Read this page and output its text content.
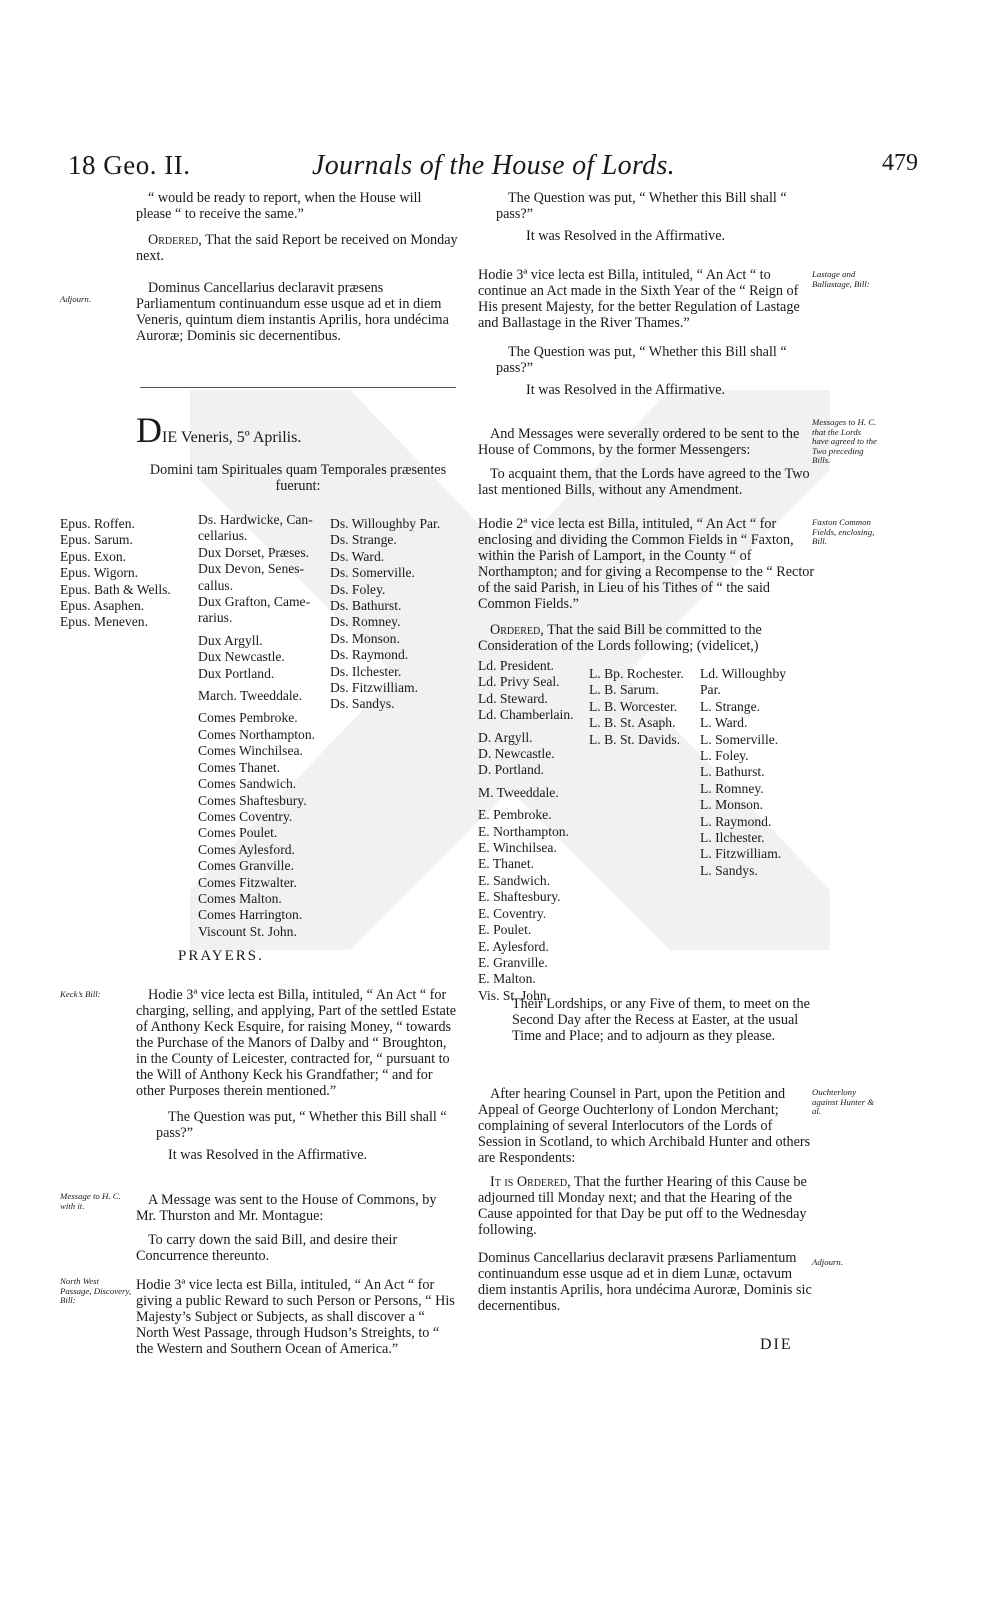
18 Geo. II.	Journals of the House of Lords.	479

“ would be ready to report, when the House will please “ to receive the same.”

Ordered, That the said Report be received on Monday next.

Dominus Cancellarius declaravit præsens Parliamentum continuandum esse usque ad et in diem Veneris, quintum diem instantis Aprilis, hora undécima Auroræ; Dominis sic decernentibus.

DIE Veneris, 5º Aprilis.
Domini tam Spirituales quam Temporales præsentes fuerunt:
Epus. Roffen.
Epus. Sarum.
Epus. Exon.
Epus. Wigorn.
Epus. Bath & Wells.
Epus. Asaphen.
Epus. Meneven.
Ds. Hardwicke, Can-
cellarius.
Dux Dorset, Præses.
Dux Devon, Senes-
callus.
Dux Grafton, Came-
rarius.
Dux Argyll.
Dux Newcastle.
Dux Portland.
March. Tweeddale.
Comes Pembroke.
Comes Northampton.
Comes Winchilsea.
Comes Thanet.
Comes Sandwich.
Comes Shaftesbury.
Comes Coventry.
Comes Poulet.
Comes Aylesford.
Comes Granville.
Comes Fitzwalter.
Comes Malton.
Comes Harrington.
Viscount St. John.
Ds. Willoughby Par.
Ds. Strange.
Ds. Ward.
Ds. Somerville.
Ds. Foley.
Ds. Bathurst.
Ds. Romney.
Ds. Monson.
Ds. Raymond.
Ds. Ilchester.
Ds. Fitzwilliam.
Ds. Sandys.
PRAYERS.
Keck’s Bill:	Hodie 3ª vice lecta est Billa, intituled, “ An Act “ for charging, selling, and applying, Part of the settled Estate of Anthony Keck Esquire, for raising Money, “ towards the Purchase of the Manors of Dalby and “ Broughton, in the County of Leicester, contracted for, “ pursuant to the Will of Anthony Keck his Grandfather; “ and for other Purposes therein mentioned.”

The Question was put, “ Whether this Bill shall “ pass?”

It was Resolved in the Affirmative.

Message to H. C. with it.	A Message was sent to the House of Commons, by Mr. Thurston and Mr. Montague:

To carry down the said Bill, and desire their Concurrence thereunto.

North West Passage, Discovery, Bill:
Hodie 3ª vice lecta est Billa, intituled, “ An Act “ for giving a public Reward to such Person or Persons, “ His Majesty’s Subject or Subjects, as shall discover a “ North West Passage, through Hudson’s Streights, to “ the Western and Southern Ocean of America.”
Adjourn.

The Question was put, “ Whether this Bill shall “ pass?”

It was Resolved in the Affirmative.

Lastage and Ballastage, Bill:
Hodie 3ª vice lecta est Billa, intituled, “ An Act “ to continue an Act made in the Sixth Year of the “ Reign of His present Majesty, for the better Regulation of Lastage and Ballastage in the River Thames.”

The Question was put, “ Whether this Bill shall “ pass?”

It was Resolved in the Affirmative.

Messages to H. C. that the Lords have agreed to the Two preceding Bills.

And Messages were severally ordered to be sent to the House of Commons, by the former Messengers:

To acquaint them, that the Lords have agreed to the Two last mentioned Bills, without any Amendment.

Faxton Common Fields, enclosing, Bill.
Hodie 2ª vice lecta est Billa, intituled, “ An Act “ for enclosing and dividing the Common Fields in “ Faxton, within the Parish of Lamport, in the County “ of Northampton; and for giving a Recompense to the “ Rector of the said Parish, in Lieu of his Tithes of “ the said Common Fields.”

Ordered, That the said Bill be committed to the Consideration of the Lords following; (videlicet,)

Ld. President.
Ld. Privy Seal.
Ld. Steward.
Ld. Chamberlain.
D. Argyll.
D. Newcastle.
D. Portland.
M. Tweeddale.
E. Pembroke.
E. Northampton.
E. Winchilsea.
E. Thanet.
E. Sandwich.
E. Shaftesbury.
E. Coventry.
E. Poulet.
E. Aylesford.
E. Granville.
E. Malton.
Vis. St. John.
L. Bp. Rochester.
L. B. Sarum.
L. B. Worcester.
L. B. St. Asaph.
L. B. St. Davids.
Ld. Willoughby
Par.
L. Strange.
L. Ward.
L. Somerville.
L. Foley.
L. Bathurst.
L. Romney.
L. Monson.
L. Raymond.
L. Ilchester.
L. Fitzwilliam.
L. Sandys.
Their Lordships, or any Five of them, to meet on the Second Day after the Recess at Easter, at the usual Time and Place; and to adjourn as they please.
Ouchterlony against Hunter & al.

After hearing Counsel in Part, upon the Petition and Appeal of George Ouchterlony of London Merchant; complaining of several Interlocutors of the Lords of Session in Scotland, to which Archibald Hunter and others are Respondents:

It is Ordered, That the further Hearing of this Cause be adjourned till Monday next; and that the Hearing of the Cause appointed for that Day be put off to the Wednesday following.

Adjourn.
Dominus Cancellarius declaravit præsens Parliamentum continuandum esse usque ad et in diem Lunæ, octavum diem instantis Aprilis, hora undécima Auroræ, Dominis sic decernentibus.
DIE
